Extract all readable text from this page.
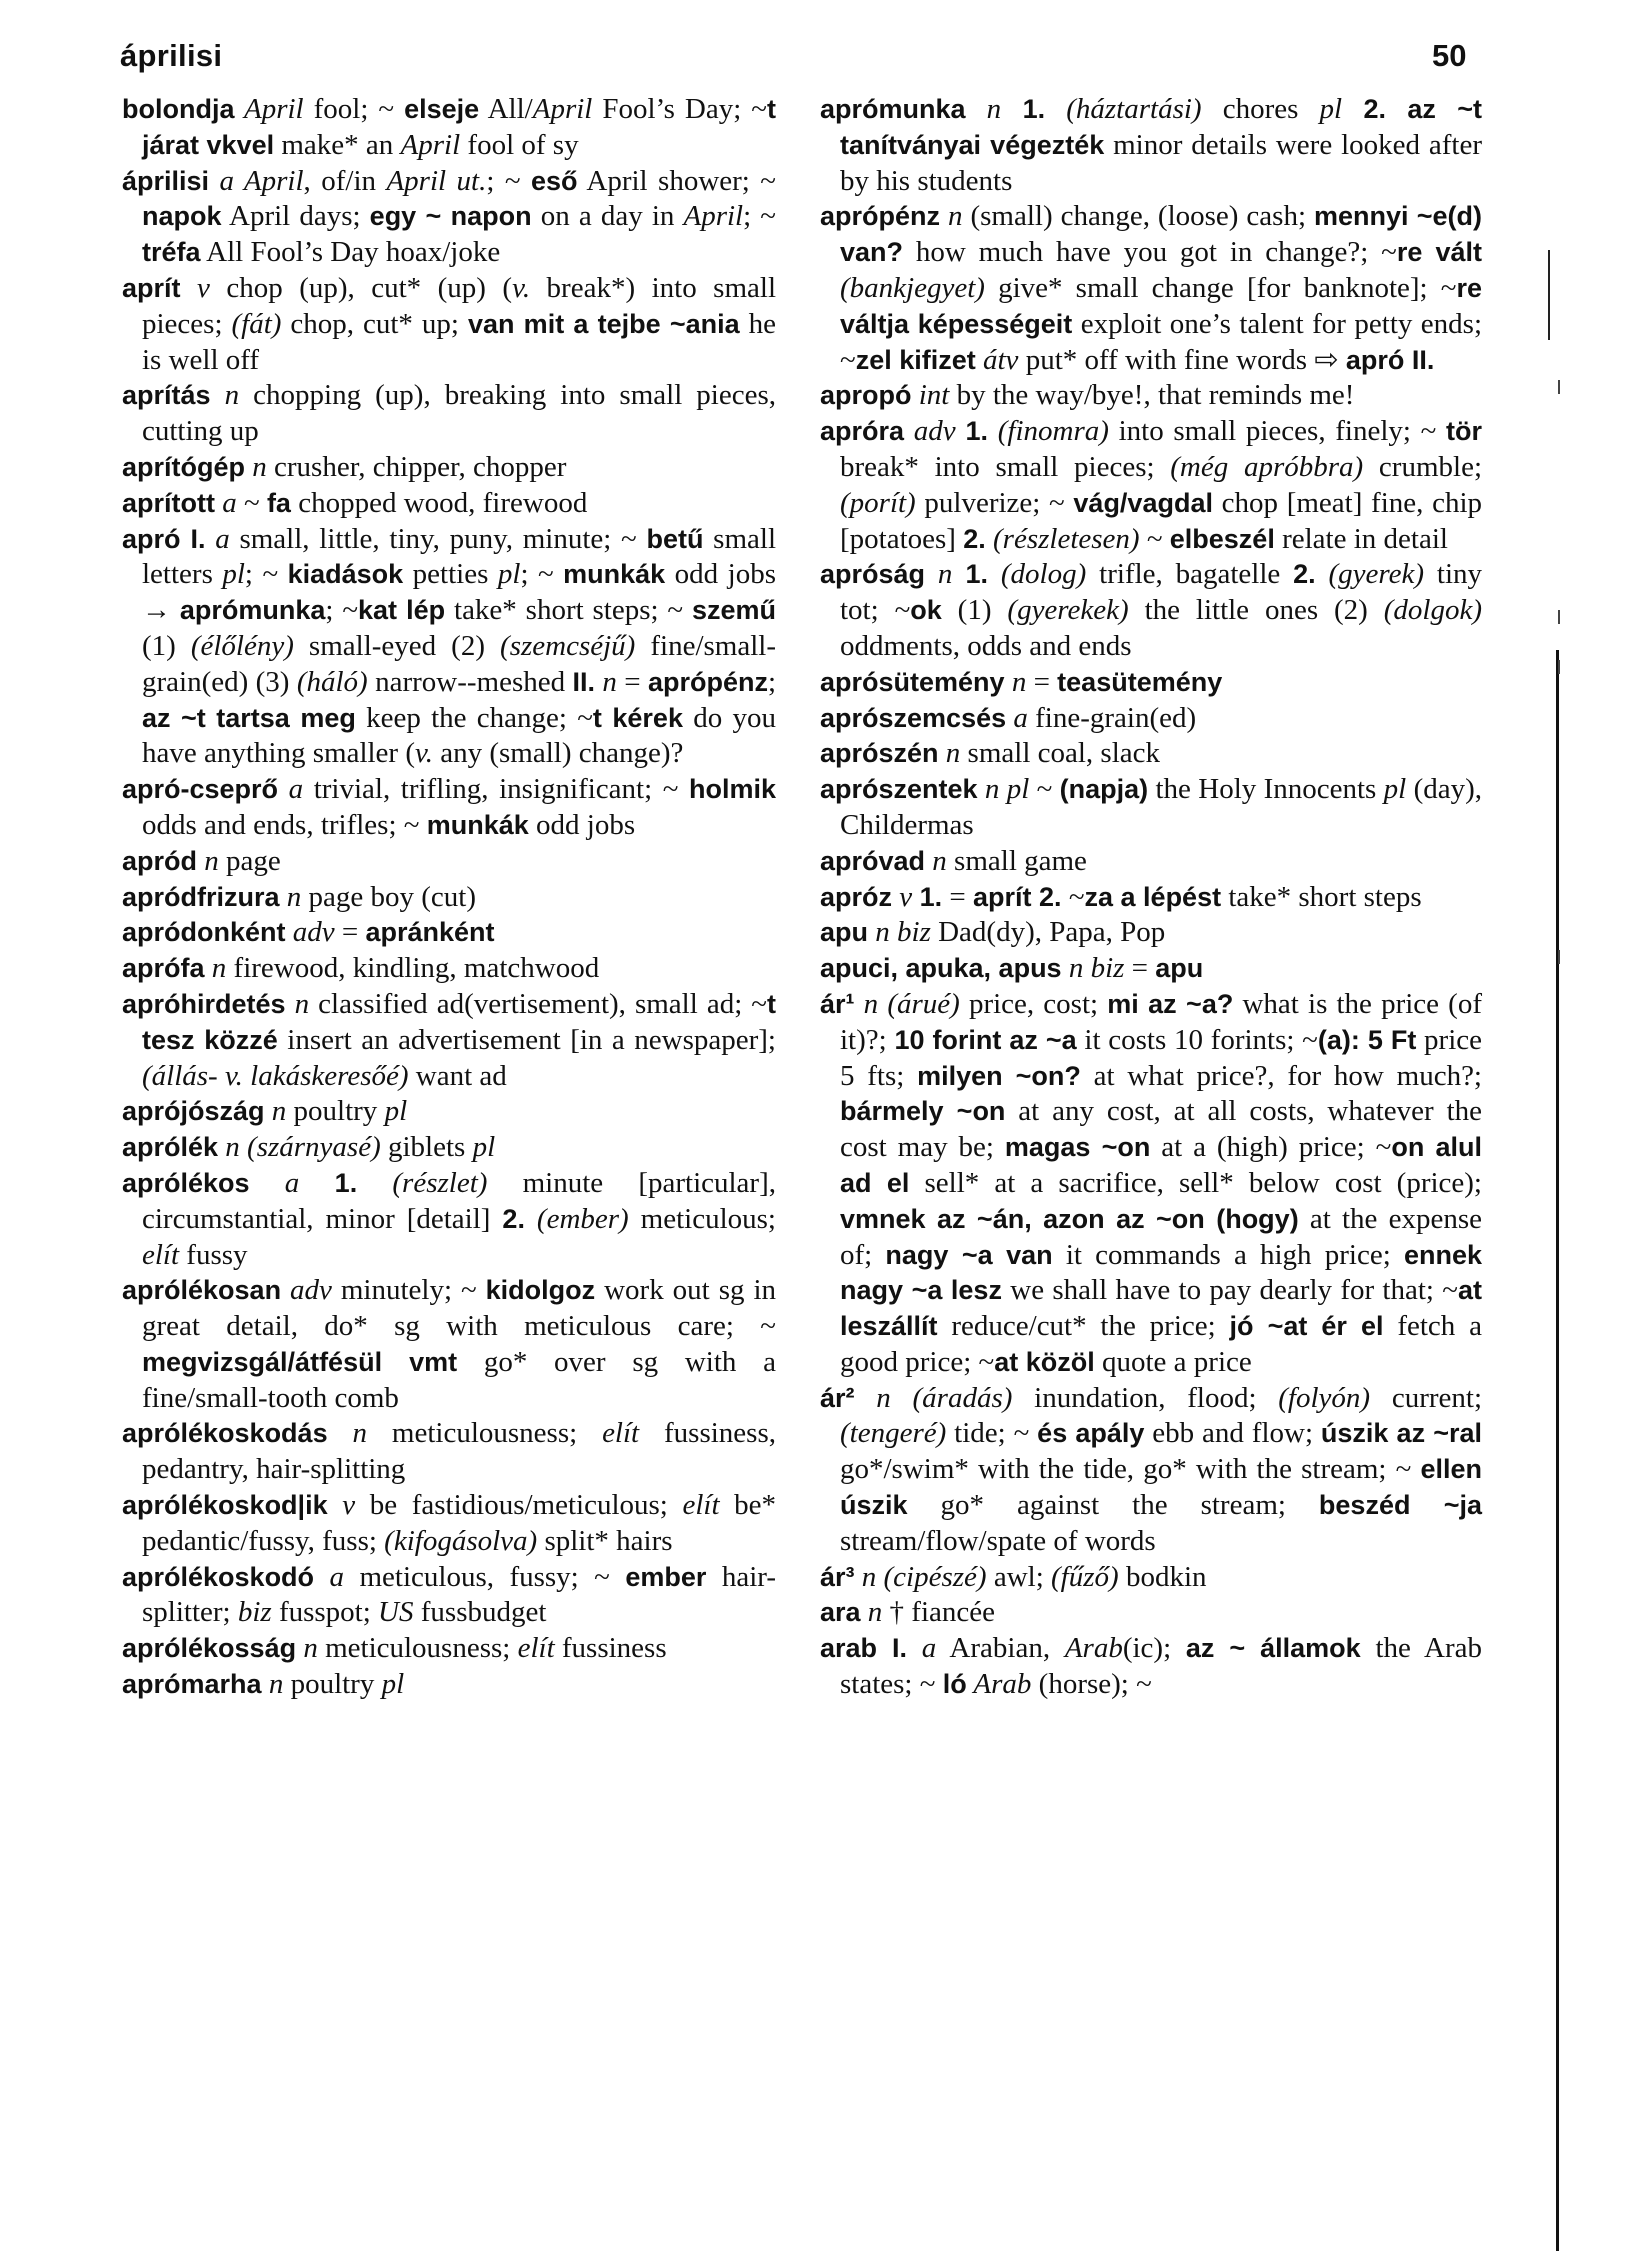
áprilisi	50

bolondja April fool; ~ elseje All/April Fool’s Day; ~t járat vkvel make* an April fool of sy

áprilisi a April, of/in April ut.; ~ eső April shower; ~ napok April days; egy ~ napon on a day in April; ~ tréfa All Fool’s Day hoax/joke

aprít v chop (up), cut* (up) (v. break*) into small pieces; (fát) chop, cut* up; van mit a tejbe ~ania he is well off

aprítás n chopping (up), breaking into small pieces, cutting up

aprítógép n crusher, chipper, chopper

aprított a ~ fa chopped wood, firewood

apró I. a small, little, tiny, puny, minute; ~ betű small letters pl; ~ kiadások petties pl; ~ munkák odd jobs → aprómunka; ~kat lép take* short steps; ~ szemű (1) (élőlény) small-eyed (2) (szemcséjű) fine/small-grain(ed) (3) (háló) narrow--meshed II. n = aprópénz; az ~t tartsa meg keep the change; ~t kérek do you have anything smaller (v. any (small) change)?

apró-cseprő a trivial, trifling, insignificant; ~ holmik odds and ends, trifles; ~ munkák odd jobs

apród n page

apródfrizura n page boy (cut)

apródonként adv = apránként

aprófa n firewood, kindling, matchwood

apróhirdetés n classified ad(vertisement), small ad; ~t tesz közzé insert an advertisement [in a newspaper]; (állás- v. lakáskeresőé) want ad

aprójószág n poultry pl

aprólék n (szárnyasé) giblets pl

aprólékos a 1. (részlet) minute [particular], circumstantial, minor [detail] 2. (ember) meticulous; elít fussy

aprólékosan adv minutely; ~ kidolgoz work out sg in great detail, do* sg with meticulous care; ~ megvizsgál/átfésül vmt go* over sg with a fine/small-tooth comb

aprólékoskodás n meticulousness; elít fussiness, pedantry, hair-splitting

aprólékoskod|ik v be fastidious/meticulous; elít be* pedantic/fussy, fuss; (kifogásolva) split* hairs

aprólékoskodó a meticulous, fussy; ~ ember hair-splitter; biz fusspot; US fussbudget

aprólékosság n meticulousness; elít fussiness

aprómarha n poultry pl

aprómunka n 1. (háztartási) chores pl 2. az ~t tanítványai végezték minor details were looked after by his students

aprópénz n (small) change, (loose) cash; mennyi ~e(d) van? how much have you got in change?; ~re vált (bankjegyet) give* small change [for banknote]; ~re váltja képességeit exploit one’s talent for petty ends; ~zel kifizet átv put* off with fine words ⇨ apró II.

apropó int by the way/bye!, that reminds me!

apróra adv 1. (finomra) into small pieces, finely; ~ tör break* into small pieces; (még apróbbra) crumble; (porít) pulverize; ~ vág/vagdal chop [meat] fine, chip [potatoes] 2. (részletesen) ~ elbeszél relate in detail

apróság n 1. (dolog) trifle, bagatelle 2. (gyerek) tiny tot; ~ok (1) (gyerekek) the little ones (2) (dolgok) oddments, odds and ends

aprósütemény n = teasütemény

aprószemcsés a fine-grain(ed)

aprószén n small coal, slack

aprószentek n pl ~ (napja) the Holy Innocents pl (day), Childermas

apróvad n small game

apróz v 1. = aprít 2. ~za a lépést take* short steps

apu n biz Dad(dy), Papa, Pop

apuci, apuka, apus n biz = apu

ár¹ n (árué) price, cost; mi az ~a? what is the price (of it)?; 10 forint az ~a it costs 10 forints; ~(a): 5 Ft price 5 fts; milyen ~on? at what price?, for how much?; bármely ~on at any cost, at all costs, whatever the cost may be; magas ~on at a (high) price; ~on alul ad el sell* at a sacrifice, sell* below cost (price); vmnek az ~án, azon az ~on (hogy) at the expense of; nagy ~a van it commands a high price; ennek nagy ~a lesz we shall have to pay dearly for that; ~at leszállít reduce/cut* the price; jó ~at ér el fetch a good price; ~at közöl quote a price

ár² n (áradás) inundation, flood; (folyón) current; (tengeré) tide; ~ és apály ebb and flow; úszik az ~ral go*/swim* with the tide, go* with the stream; ~ ellen úszik go* against the stream; beszéd ~ja stream/flow/spate of words

ár³ n (cipészé) awl; (fűző) bodkin

ara n † fiancée

arab I. a Arabian, Arab(ic); az ~ államok the Arab states; ~ ló Arab (horse); ~
